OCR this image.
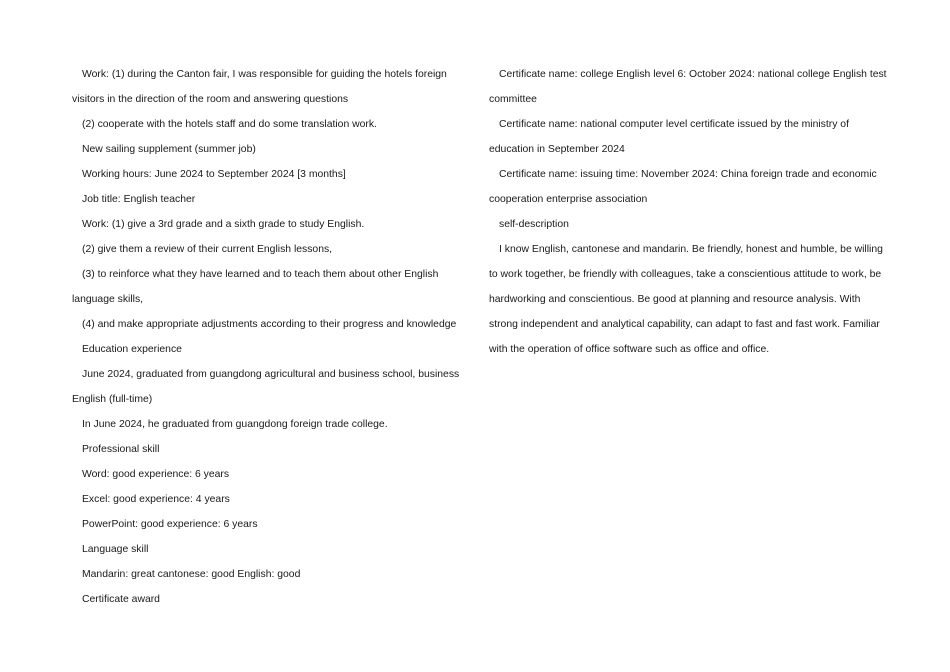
Work: (1) during the Canton fair, I was responsible for guiding the hotels foreign visitors in the direction of the room and answering questions

(2) cooperate with the hotels staff and do some translation work.

New sailing supplement (summer job)

Working hours: June 2024 to September 2024 [3 months]

Job title: English teacher

Work: (1) give a 3rd grade and a sixth grade to study English.

(2) give them a review of their current English lessons,

(3) to reinforce what they have learned and to teach them about other English language skills,

(4) and make appropriate adjustments according to their progress and knowledge

Education experience

June 2024, graduated from guangdong agricultural and business school, business English (full-time)

In June 2024, he graduated from guangdong foreign trade college.

Professional skill

Word: good experience: 6 years

Excel: good experience: 4 years

PowerPoint: good experience: 6 years

Language skill

Mandarin: great cantonese: good English: good

Certificate award

Certificate name: college English level 6: October 2024: national college English test committee

Certificate name: national computer level certificate issued by the ministry of education in September 2024

Certificate name: issuing time: November 2024: China foreign trade and economic cooperation enterprise association

self-description

I know English, cantonese and mandarin. Be friendly, honest and humble, be willing to work together, be friendly with colleagues, take a conscientious attitude to work, be hardworking and conscientious. Be good at planning and resource analysis. With strong independent and analytical capability, can adapt to fast and fast work. Familiar with the operation of office software such as office and office.
